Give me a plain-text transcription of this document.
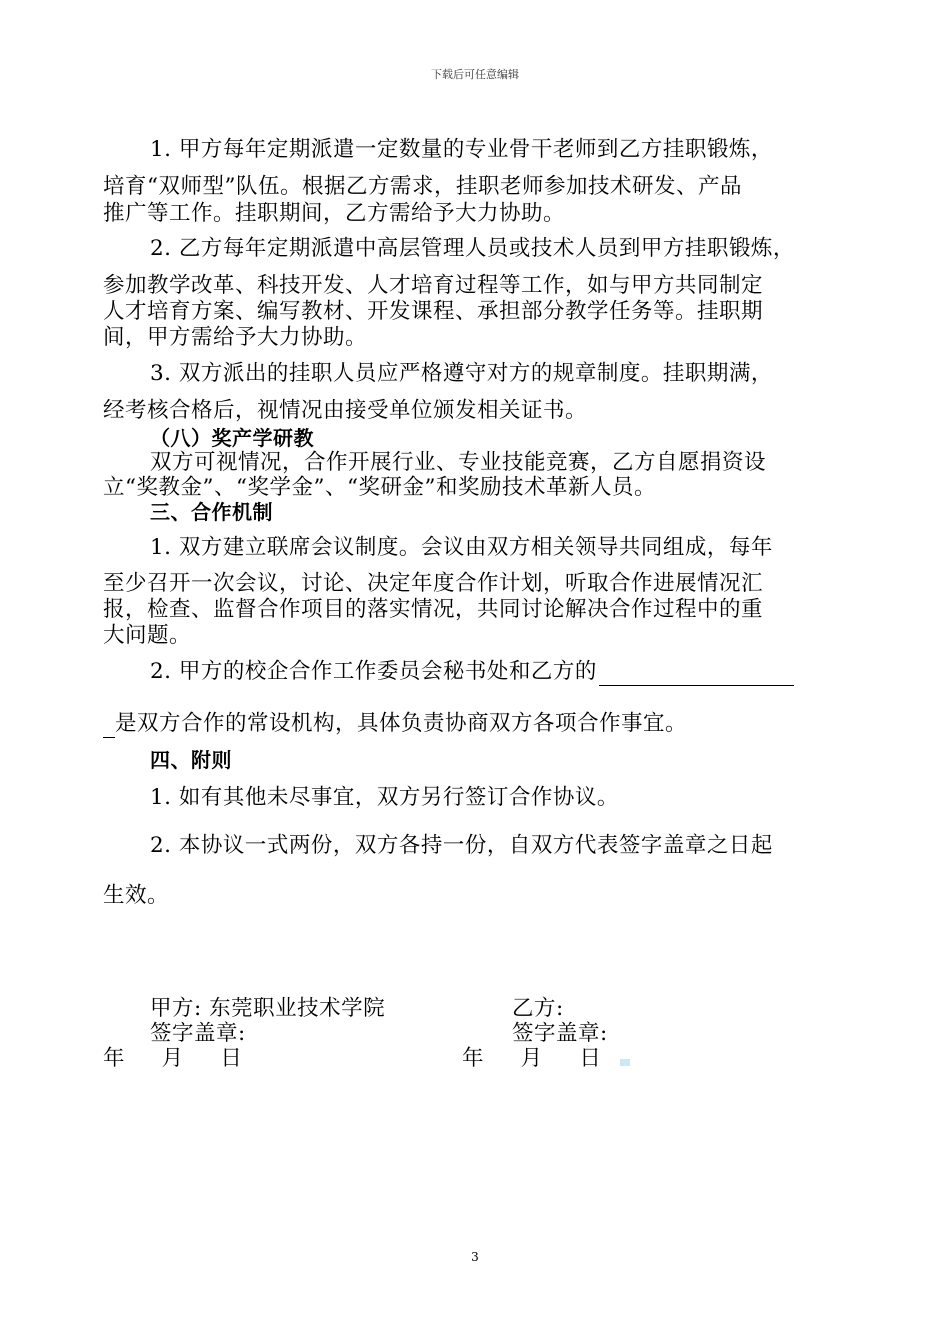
下载后可任意编辑
1. 甲方每年定期派遣一定数量的专业骨干老师到乙方挂职锻炼，
培育“双师型”队伍。根据乙方需求，挂职老师参加技术研发、产品
推广等工作。挂职期间，乙方需给予大力协助。
2. 乙方每年定期派遣中高层管理人员或技术人员到甲方挂职锻炼，
参加教学改革、科技开发、人才培育过程等工作，如与甲方共同制定
人才培育方案、编写教材、开发课程、承担部分教学任务等。挂职期
间，甲方需给予大力协助。
3. 双方派出的挂职人员应严格遵守对方的规章制度。挂职期满，
经考核合格后，视情况由接受单位颁发相关证书。
（八）奖产学研教
双方可视情况，合作开展行业、专业技能竞赛，乙方自愿捐资设
立“奖教金”、“奖学金”、“奖研金”和奖励技术革新人员。
三、合作机制
1. 双方建立联席会议制度。会议由双方相关领导共同组成，每年
至少召开一次会议，讨论、决定年度合作计划，听取合作进展情况汇
报，检查、监督合作项目的落实情况，共同讨论解决合作过程中的重
大问题。
2. 甲方的校企合作工作委员会秘书处和乙方的
是双方合作的常设机构，具体负责协商双方各项合作事宜。
四、附则
1. 如有其他未尽事宜，双方另行签订合作协议。
2. 本协议一式两份，双方各持一份，自双方代表签字盖章之日起
生效。
甲方: 东莞职业技术学院	乙方:
签字盖章:	签字盖章:
年     月     日	年     月     日
3
